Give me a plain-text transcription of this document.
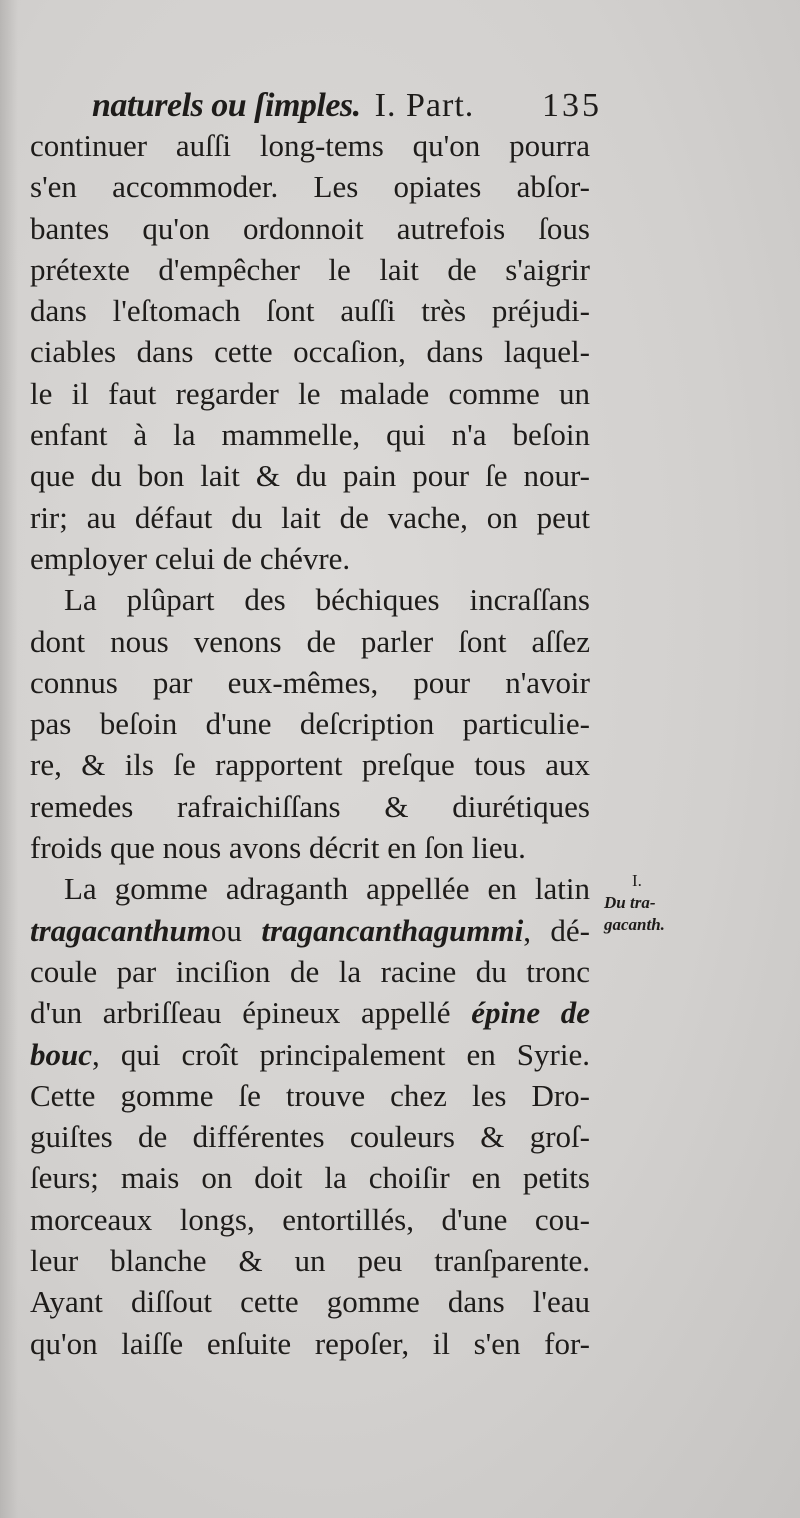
naturels ou ſimples. I. Part. 135
continuer auſſi long-tems qu'on pourra
s'en accommoder. Les opiates abſor-
bantes qu'on ordonnoit autrefois ſous
prétexte d'empêcher le lait de s'aigrir
dans l'eſtomach ſont auſſi très préjudi-
ciables dans cette occaſion, dans laquel-
le il faut regarder le malade comme un
enfant à la mammelle, qui n'a beſoin
que du bon lait & du pain pour ſe nour-
rir; au défaut du lait de vache, on peut
employer celui de chévre.
La plûpart des béchiques incraſſans
dont nous venons de parler ſont aſſez
connus par eux-mêmes, pour n'avoir
pas beſoin d'une deſcription particulie-
re, & ils ſe rapportent preſque tous aux
remedes rafraichiſſans & diurétiques
froids que nous avons décrit en ſon lieu.
La gomme adraganth appellée en latin
tragacanthumou tragancanthagummi, dé-
coule par inciſion de la racine du tronc
d'un arbriſſeau épineux appellé épine de
bouc, qui croît principalement en Syrie.
Cette gomme ſe trouve chez les Dro-
guiſtes de différentes couleurs & groſ-
ſeurs; mais on doit la choiſir en petits
morceaux longs, entortillés, d'une cou-
leur blanche & un peu tranſparente.
Ayant diſſout cette gomme dans l'eau
qu'on laiſſe enſuite repoſer, il s'en for-
I.
Du tra-
gacanth.
